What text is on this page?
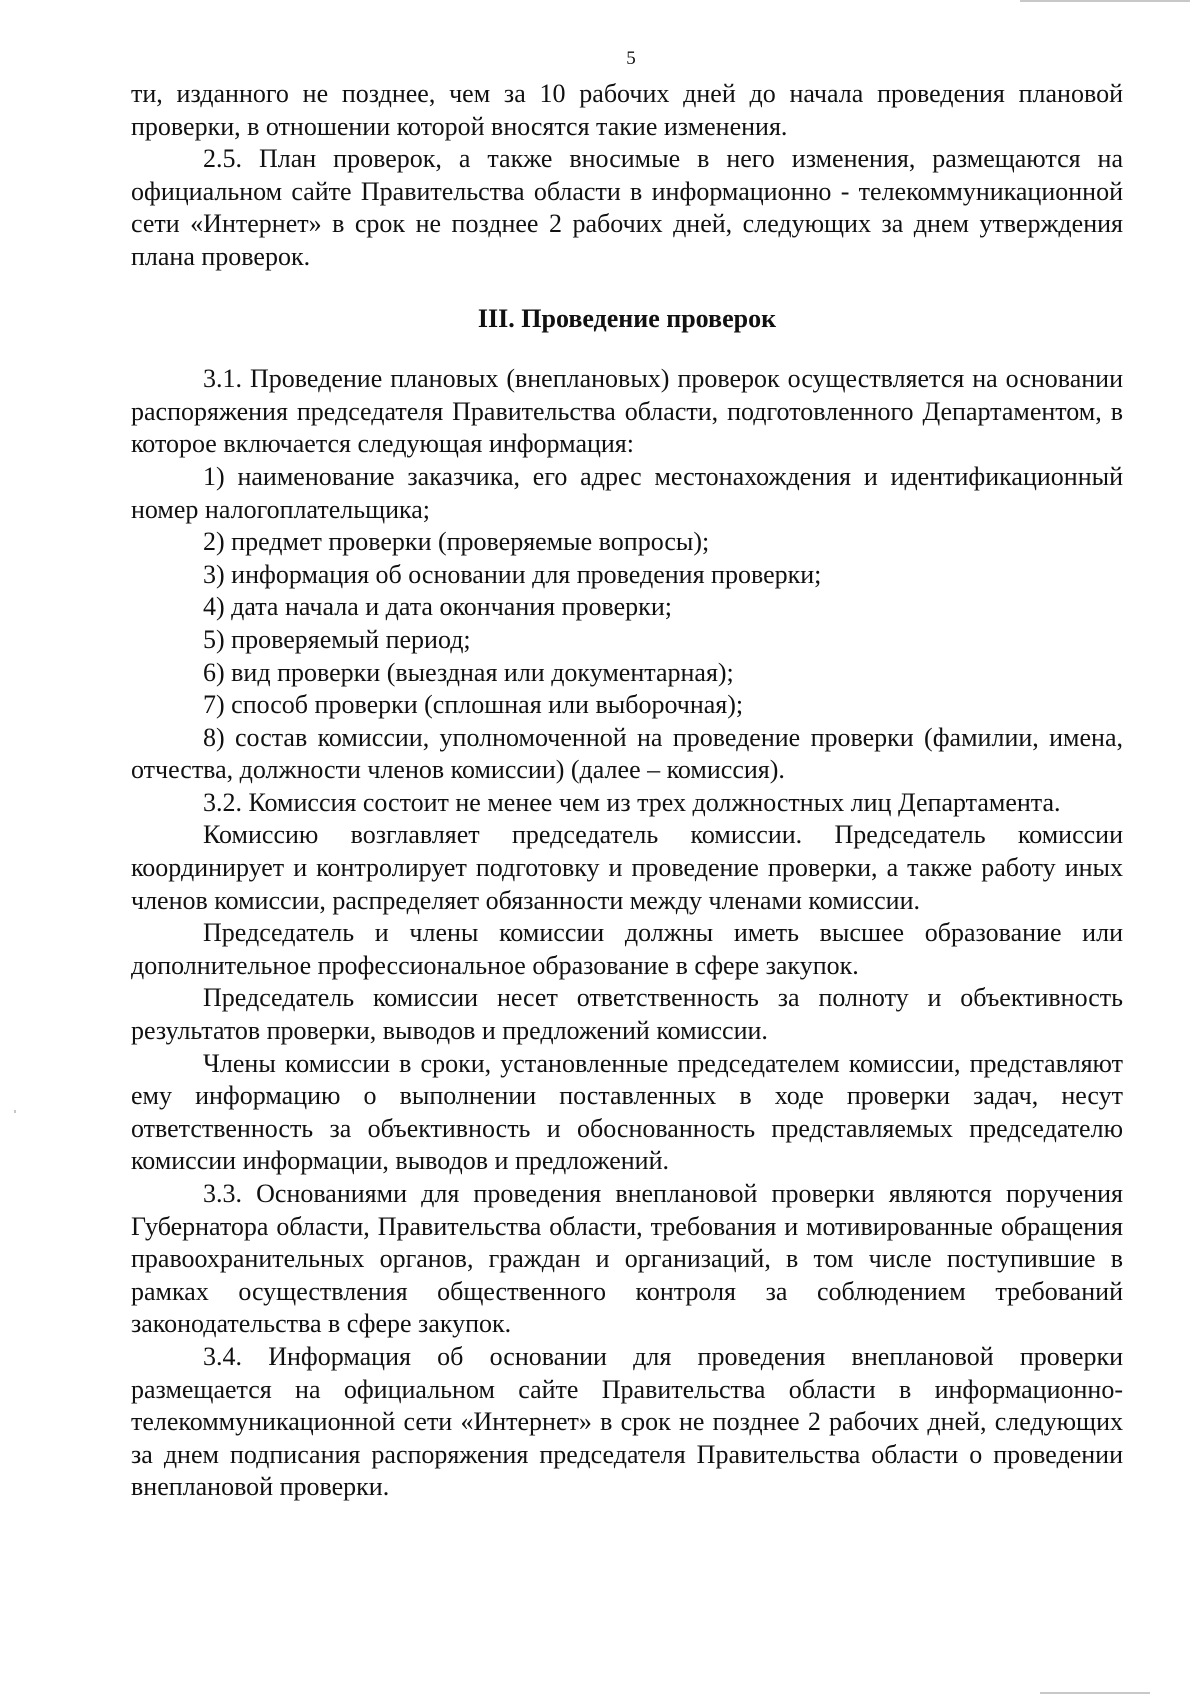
5

ти, изданного не позднее, чем за 10 рабочих дней до начала проведения плановой проверки, в отношении которой вносятся такие изменения.

2.5. План проверок, а также вносимые в него изменения, размещаются на официальном сайте Правительства области в информационно - телекоммуникационной сети «Интернет» в срок не позднее 2 рабочих дней, следующих за днем утверждения плана проверок.

III. Проведение проверок

3.1. Проведение плановых (внеплановых) проверок осуществляется на основании распоряжения председателя Правительства области, подготовленного Департаментом, в которое включается следующая информация:

1) наименование заказчика, его адрес местонахождения и идентификационный номер налогоплательщика;

2) предмет проверки (проверяемые вопросы);

3) информация об основании для проведения проверки;

4) дата начала и дата окончания проверки;

5) проверяемый период;

6) вид проверки (выездная или документарная);

7) способ проверки (сплошная или выборочная);

8) состав комиссии, уполномоченной на проведение проверки (фамилии, имена, отчества, должности членов комиссии) (далее – комиссия).

3.2. Комиссия состоит не менее чем из трех должностных лиц Департамента.

Комиссию возглавляет председатель комиссии. Председатель комиссии координирует и контролирует подготовку и проведение проверки, а также работу иных членов комиссии, распределяет обязанности между членами комиссии.

Председатель и члены комиссии должны иметь высшее образование или дополнительное профессиональное образование в сфере закупок.

Председатель комиссии несет ответственность за полноту и объективность результатов проверки, выводов и предложений комиссии.

Члены комиссии в сроки, установленные председателем комиссии, представляют ему информацию о выполнении поставленных в ходе проверки задач, несут ответственность за объективность и обоснованность представляемых председателю комиссии информации, выводов и предложений.

3.3. Основаниями для проведения внеплановой проверки являются поручения Губернатора области, Правительства области, требования и мотивированные обращения правоохранительных органов, граждан и организаций, в том числе поступившие в рамках осуществления общественного контроля за соблюдением требований законодательства в сфере закупок.

3.4. Информация об основании для проведения внеплановой проверки размещается на официальном сайте Правительства области в информационно-телекоммуникационной сети «Интернет» в срок не позднее 2 рабочих дней, следующих за днем подписания распоряжения председателя Правительства области о проведении внеплановой проверки.
